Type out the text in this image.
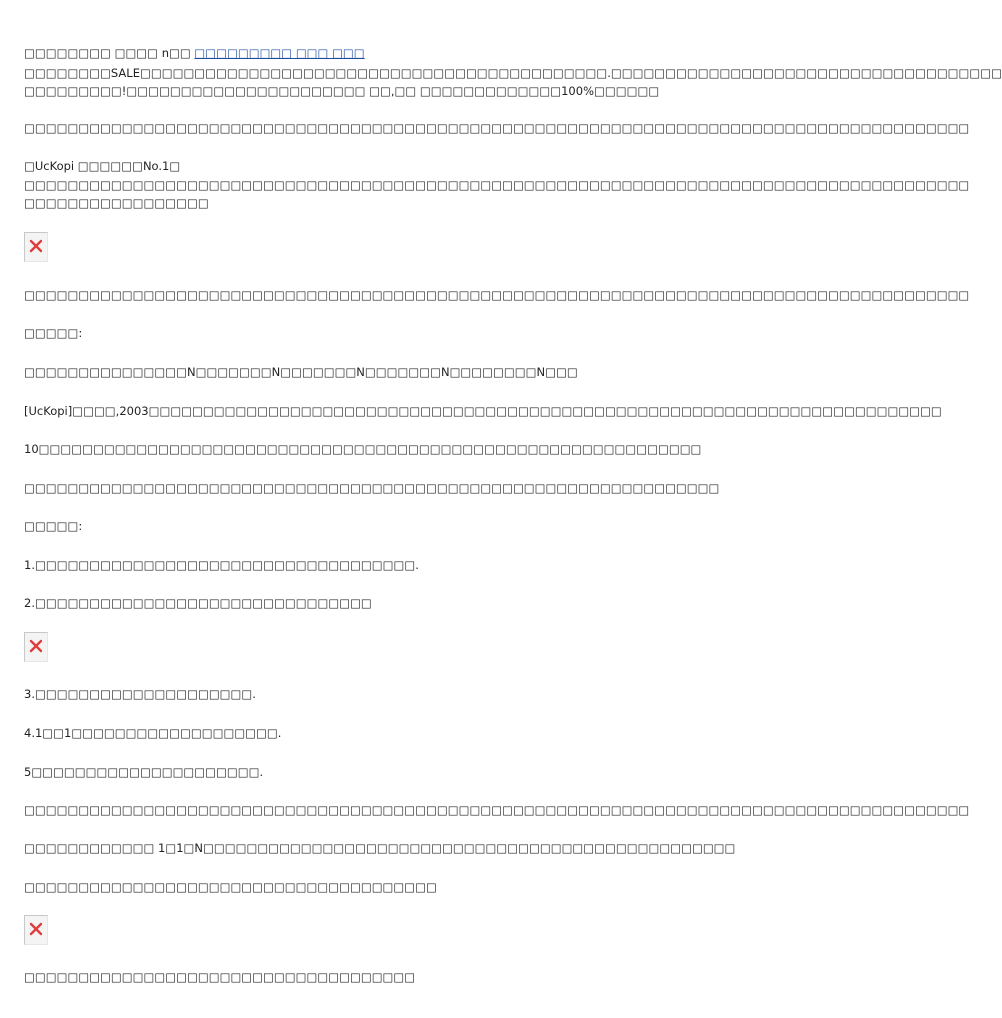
□□□□□□□□ □□□□ n□□ □□□□□□□□□ □□□ □□□
□□□□□□□□SALE□□□□□□□□□□□□□□□□□□□□□□□□□□□□□□□□□□□□□□□□□□□.□□□□□□□□□□□□□□□□□□□□□□□□□□□□□□□□□□□□
□□□□□□□□□!□□□□□□□□□□□□□□□□□□□□□□ □□,□□ □□□□□□□□□□□□□100%□□□□□□
□□□□□□□□□□□□□□□□□□□□□□□□□□□□□□□□□□□□□□□□□□□□□□□□□□□□□□□□□□□□□□□□□□□□□□□□□□□□□□□□□□□□□□□
□UcKopi □□□□□□No.1□
□□□□□□□□□□□□□□□□□□□□□□□□□□□□□□□□□□□□□□□□□□□□□□□□□□□□□□□□□□□□□□□□□□□□□□□□□□□□□□□□□□□□□□□
□□□□□□□□□□□□□□□□□
□□□□□□□□□□□□□□□□□□□□□□□□□□□□□□□□□□□□□□□□□□□□□□□□□□□□□□□□□□□□□□□□□□□□□□□□□□□□□□□□□□□□□□□
□□□□□:
□□□□□□□□□□□□□□□N□□□□□□□N□□□□□□□N□□□□□□□N□□□□□□□□N□□□
[UcKopi]□□□□,2003□□□□□□□□□□□□□□□□□□□□□□□□□□□□□□□□□□□□□□□□□□□□□□□□□□□□□□□□□□□□□□□□□□□□□□□□□
10□□□□□□□□□□□□□□□□□□□□□□□□□□□□□□□□□□□□□□□□□□□□□□□□□□□□□□□□□□□□□
□□□□□□□□□□□□□□□□□□□□□□□□□□□□□□□□□□□□□□□□□□□□□□□□□□□□□□□□□□□□□□□□
□□□□□:
1.□□□□□□□□□□□□□□□□□□□□□□□□□□□□□□□□□□□.
2.□□□□□□□□□□□□□□□□□□□□□□□□□□□□□□□
3.□□□□□□□□□□□□□□□□□□□□.
4.1□□1□□□□□□□□□□□□□□□□□□□.
5□□□□□□□□□□□□□□□□□□□□□.
□□□□□□□□□□□□□□□□□□□□□□□□□□□□□□□□□□□□□□□□□□□□□□□□□□□□□□□□□□□□□□□□□□□□□□□□□□□□□□□□□□□□□□□
□□□□□□□□□□□□ 1□1□N□□□□□□□□□□□□□□□□□□□□□□□□□□□□□□□□□□□□□□□□□□□□□□□□□
□□□□□□□□□□□□□□□□□□□□□□□□□□□□□□□□□□□□□□
□□□□□□□□□□□□□□□□□□□□□□□□□□□□□□□□□□□□
